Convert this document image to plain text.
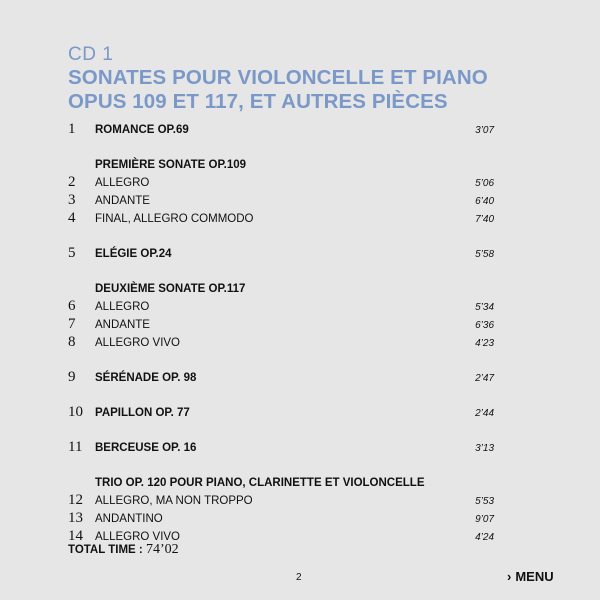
CD 1
SONATES POUR VIOLONCELLE ET PIANO
OPUS 109 ET 117, ET AUTRES PIÈCES
1 ROMANCE OP.69	3’07
PREMIÈRE SONATE OP.109
2 ALLEGRO	5’06
3 ANDANTE	6’40
4 FINAL, ALLEGRO COMMODO	7’40
5 ELÉGIE OP.24	5’58
DEUXIÈME SONATE OP.117
6 ALLEGRO	5’34
7 ANDANTE	6’36
8 ALLEGRO VIVO	4’23
9 SÉRÉNADE OP. 98	2’47
10 PAPILLON OP. 77	2’44
11 BERCEUSE OP. 16	3’13
TRIO OP. 120 POUR PIANO, CLARINETTE ET VIOLONCELLE
12 ALLEGRO, MA NON TROPPO	5’53
13 ANDANTINO	9’07
14 ALLEGRO VIVO	4’24
TOTAL TIME : 74’02
2	› MENU
